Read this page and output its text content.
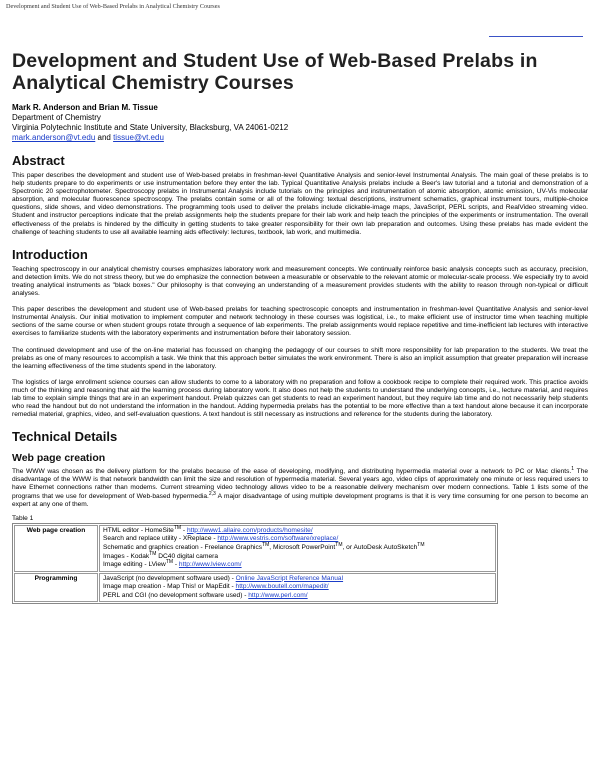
Development and Student Use of Web-Based Prelabs in Analytical Chemistry Courses
Development and Student Use of Web-Based Prelabs in Analytical Chemistry Courses
Mark R. Anderson and Brian M. Tissue
Department of Chemistry
Virginia Polytechnic Institute and State University, Blacksburg, VA 24061-0212
mark.anderson@vt.edu and tissue@vt.edu
Abstract

This paper describes the development and student use of Web-based prelabs in freshman-level Quantitative Analysis and senior-level Instrumental Analysis. The main goal of these prelabs is to help students prepare to do experiments or use instrumentation before they enter the lab. Typical Quantitative Analysis prelabs include a Beer's law tutorial and a tutorial and demonstration of a Spectronic 20 spectrophotometer. Spectroscopy prelabs in Instrumental Analysis include tutorials on the principles and instrumentation of atomic absorption, atomic emission, UV-Vis molecular absorption, and molecular fluorescence spectroscopy. The prelabs contain some or all of the following: textual descriptions, instrument schematics, graphical instrument tours, multiple-choice questions, slide shows, and video demonstrations. The programming tools used to deliver the prelabs include clickable-image maps, JavaScript, PERL scripts, and RealVideo streaming video. Student and instructor perceptions indicate that the prelab assignments help the students prepare for their lab work and help teach the principles of the experiments or instrumentation. The overall effectiveness of the prelabs is hindered by the difficulty in getting students to take greater responsibility for their own lab preparation and outcomes. Using these prelabs has made evident the challenge of teaching students to use all available learning aids effectively: lectures, textbook, lab work, and multimedia.

Introduction

Teaching spectroscopy in our analytical chemistry courses emphasizes laboratory work and measurement concepts. We continually reinforce basic analysis concepts such as accuracy, precision, and detection limits. We do not stress theory, but we do emphasize the connection between a measurable or observable to the relevant atomic or molecular-scale process. We especially try to avoid treating analytical instruments as "black boxes." Our philosophy is that conveying an understanding of a measurement provides students with the ability to reason through non-typical or difficult analyses.

This paper describes the development and student use of Web-based prelabs for teaching spectroscopic concepts and instrumentation in freshman-level Quantitative Analysis and senior-level Instrumental Analysis. Our initial motivation to implement computer and network technology in these courses was logistical, i.e., to make efficient use of instructor time when teaching multiple sections of the same course or when student groups rotate through a sequence of lab experiments. The prelab assignments would replace repetitive and time-inefficient lab lectures with interactive exercises to familiarize students with the laboratory experiments and instrumentation before their laboratory session.

The continued development and use of the on-line material has focussed on changing the pedagogy of our courses to shift more responsibility for lab preparation to the students. We treat the prelabs as one of many resources to accomplish a task. We think that this approach better simulates the work environment. There is also an implicit assumption that greater preparation will increase the learning effectiveness of the time students spend in the laboratory.

The logistics of large enrollment science courses can allow students to come to a laboratory with no preparation and follow a cookbook recipe to complete their required work. This practice avoids much of the thinking and reasoning that aid the learning process during laboratory work. It also does not help the students to understand the underlying concepts, i.e., lecture material, and requires lab time to explain simple things that are in an experiment handout. Prelab quizzes can get students to read an experiment handout, but they require lab time and do not necessarily help students who read the handout but do not understand the information in the handout. Adding hypermedia prelabs has the potential to be more effective than a text handout alone because it can incorporate remedial material, graphics, video, and self-evaluation questions. A text handout is still necessary as instructions and reference for the students during the laboratory.

Technical Details
Web page creation

The WWW was chosen as the delivery platform for the prelabs because of the ease of developing, modifying, and distributing hypermedia material over a network to PC or Mac clients.$^1$ The disadvantage of the WWW is that network bandwidth can limit the size and resolution of hypermedia material. Several years ago, video clips of approximately one minute or less required users to have Ethernet connections rather than modems. Current streaming video technology allows video to be a reasonable delivery mechanism over modern connections. Table 1 lists some of the programs that we use for development of Web-based hypermedia.$^{2,3}$ A major disadvantage of using multiple development programs is that it is very time consuming for one person to become an expert at any one of them.

Table 1
Web page creation	HTML editor - HomeSite™ - http://www1.allaire.com/products/homesite/
Search and replace utility - XReplace - http://www.vestris.com/software/xreplace/
Schematic and graphics creation - Freelance Graphics™, Microsoft PowerPoint™, or AutoDesk AutoSketch™
Images - Kodak™ DC40 digital camera
Image editing - LView™ - http://www.lview.com/

Programming	JavaScript (no development software used) - Online JavaScript Reference Manual
Image map creation - Map This! or MapEdit - http://www.boutell.com/mapedit/
PERL and CGI (no development software used) - http://www.perl.com/
